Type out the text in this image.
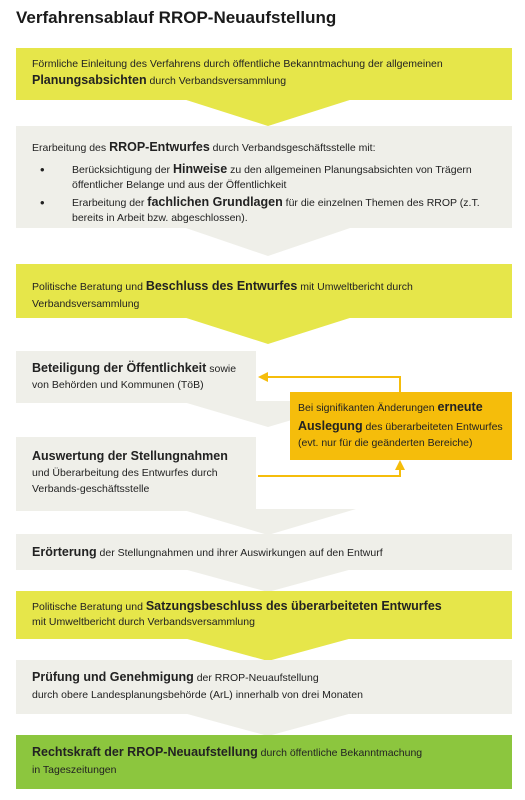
Verfahrensablauf RROP-Neuaufstellung
Förmliche Einleitung des Verfahrens durch öffentliche Bekanntmachung der allgemeinen
Planungsabsichten durch Verbandsversammlung
Erarbeitung des RROP-Entwurfes durch Verbandsgeschäftsstelle mit:
• Berücksichtigung der Hinweise zu den allgemeinen Planungsabsichten von Trägern öffentlicher Belange und aus der Öffentlichkeit
• Erarbeitung der fachlichen Grundlagen für die einzelnen Themen des RROP (z.T. bereits in Arbeit bzw. abgeschlossen).
Politische Beratung und Beschluss des Entwurfes mit Umweltbericht durch Verbandsversammlung
Beteiligung der Öffentlichkeit sowie von Behörden und Kommunen (TöB)
Auswertung der Stellungnahmen und Überarbeitung des Entwurfes durch Verbands-geschäftsstelle
Bei signifikanten Änderungen erneute Auslegung des überarbeiteten Entwurfes
(evt. nur für die geänderten Bereiche)
Erörterung der Stellungnahmen und ihrer Auswirkungen auf den Entwurf
Politische Beratung und Satzungsbeschluss des überarbeiteten Entwurfes
mit Umweltbericht durch Verbandsversammlung
Prüfung und Genehmigung der RROP-Neuaufstellung
durch obere Landesplanungsbehörde (ArL) innerhalb von drei Monaten
Rechtskraft der RROP-Neuaufstellung durch öffentliche Bekanntmachung
in Tageszeitungen
